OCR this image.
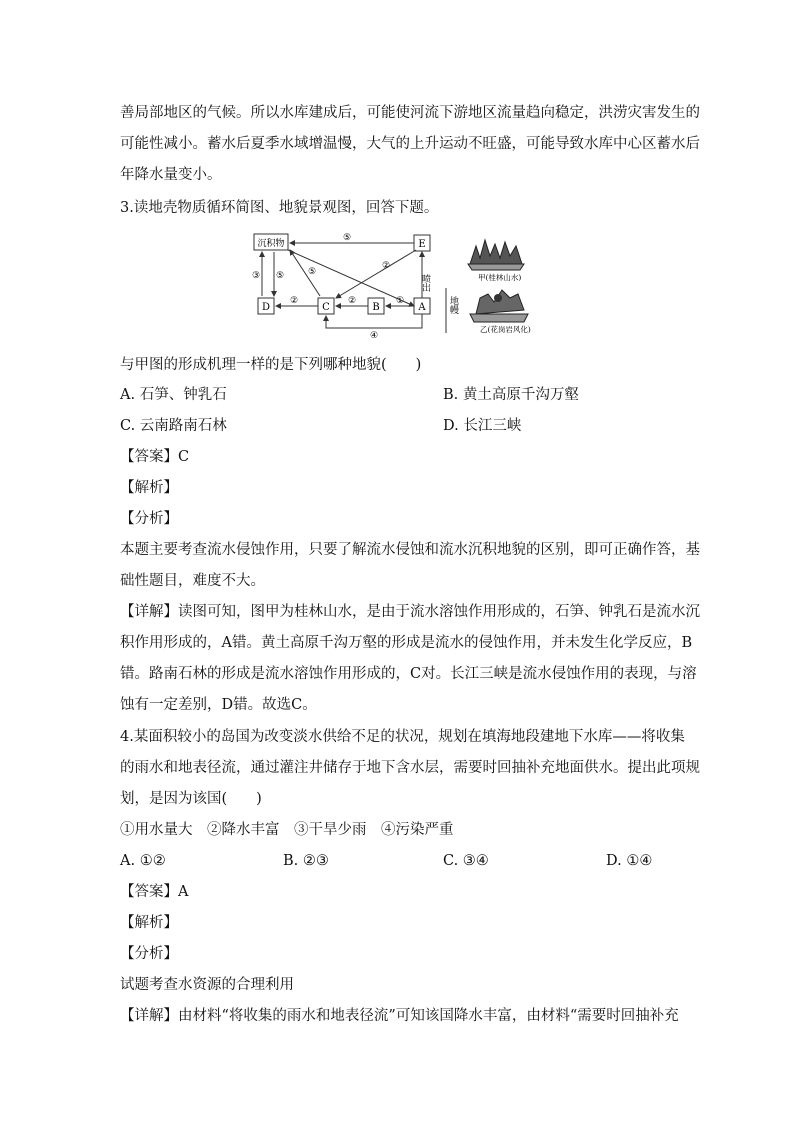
善局部地区的气候。所以水库建成后，可能使河流下游地区流量趋向稳定，洪涝灾害发生的
可能性减小。蓄水后夏季水域增温慢，大气的上升运动不旺盛，可能导致水库中心区蓄水后
年降水量变小。
3.读地壳物质循环简图、地貌景观图，回答下题。
沉积物	E
D	C	B	A
⑤
③ ⑤	⑤
②
②	②	①
④
喷出
地幔
甲(桂林山水)
乙(花岗岩风化)
与甲图的形成机理一样的是下列哪种地貌(　　)
A. 石笋、钟乳石	B. 黄土高原千沟万壑
C. 云南路南石林	D. 长江三峡
【答案】C
【解析】
【分析】
本题主要考查流水侵蚀作用，只要了解流水侵蚀和流水沉积地貌的区别，即可正确作答，基
础性题目，难度不大。
【详解】读图可知，图甲为桂林山水，是由于流水溶蚀作用形成的，石笋、钟乳石是流水沉
积作用形成的，A错。黄土高原千沟万壑的形成是流水的侵蚀作用，并未发生化学反应，B
错。路南石林的形成是流水溶蚀作用形成的，C对。长江三峡是流水侵蚀作用的表现，与溶
蚀有一定差别，D错。故选C。
4.某面积较小的岛国为改变淡水供给不足的状况，规划在填海地段建地下水库——将收集
的雨水和地表径流，通过灌注井储存于地下含水层，需要时回抽补充地面供水。提出此项规
划，是因为该国(　　)
①用水量大　②降水丰富　③干旱少雨　④污染严重
A. ①②	B. ②③	C. ③④	D. ①④
【答案】A
【解析】
【分析】
试题考查水资源的合理利用
【详解】由材料“将收集的雨水和地表径流”可知该国降水丰富，由材料“需要时回抽补充
